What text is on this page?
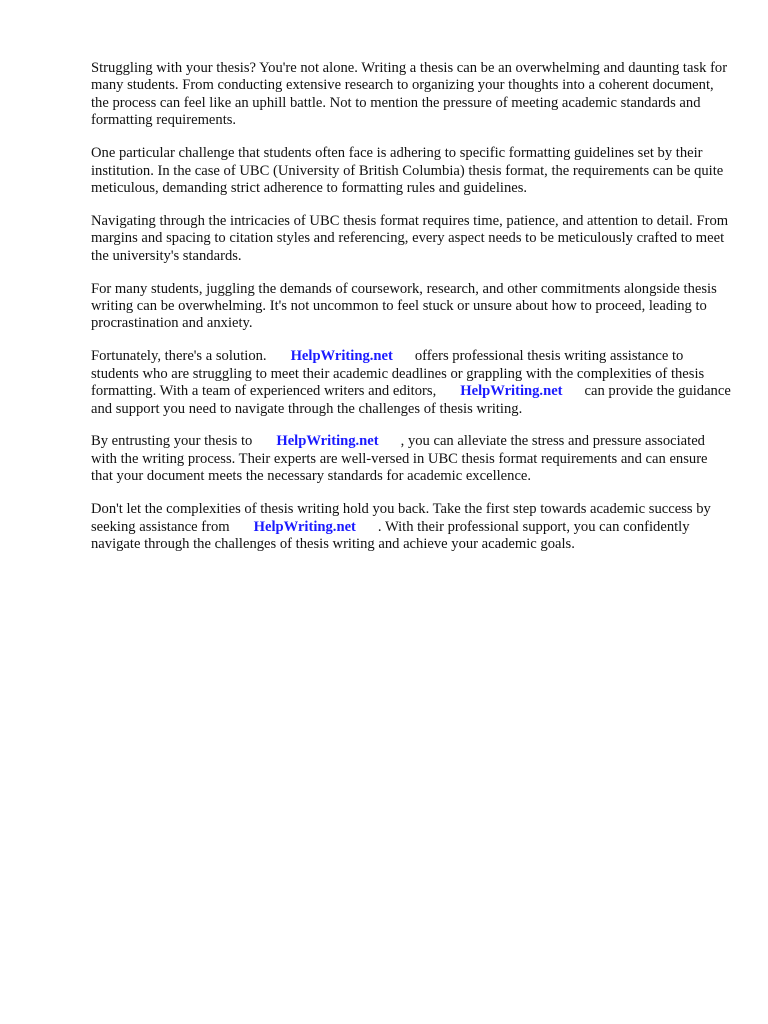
Struggling with your thesis? You're not alone. Writing a thesis can be an overwhelming and daunting task for many students. From conducting extensive research to organizing your thoughts into a coherent document, the process can feel like an uphill battle. Not to mention the pressure of meeting academic standards and formatting requirements.

One particular challenge that students often face is adhering to specific formatting guidelines set by their institution. In the case of UBC (University of British Columbia) thesis format, the requirements can be quite meticulous, demanding strict adherence to formatting rules and guidelines.

Navigating through the intricacies of UBC thesis format requires time, patience, and attention to detail. From margins and spacing to citation styles and referencing, every aspect needs to be meticulously crafted to meet the university's standards.

For many students, juggling the demands of coursework, research, and other commitments alongside thesis writing can be overwhelming. It's not uncommon to feel stuck or unsure about how to proceed, leading to procrastination and anxiety.

Fortunately, there's a solution. HelpWriting.net offers professional thesis writing assistance to students who are struggling to meet their academic deadlines or grappling with the complexities of thesis formatting. With a team of experienced writers and editors, HelpWriting.net can provide the guidance and support you need to navigate through the challenges of thesis writing.

By entrusting your thesis to HelpWriting.net , you can alleviate the stress and pressure associated with the writing process. Their experts are well-versed in UBC thesis format requirements and can ensure that your document meets the necessary standards for academic excellence.

Don't let the complexities of thesis writing hold you back. Take the first step towards academic success by seeking assistance from HelpWriting.net . With their professional support, you can confidently navigate through the challenges of thesis writing and achieve your academic goals.
